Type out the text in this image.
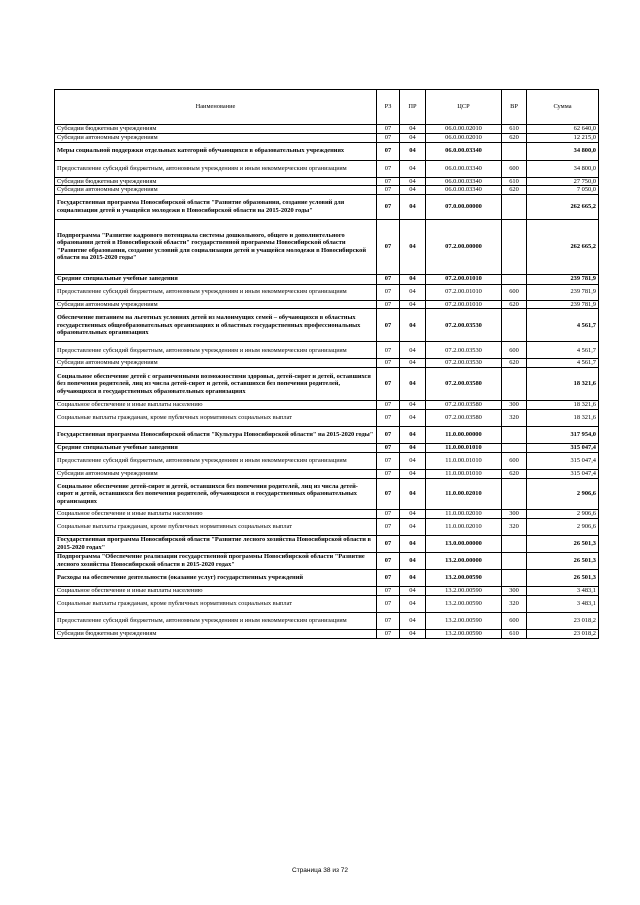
Наименование	РЗ	ПР	ЦСР	ВР	Сумма
Субсидии бюджетным учреждениям	07	04	06.0.00.02010	610	62 640,0
Субсидии автономным учреждениям	07	04	06.0.00.02010	620	12 215,0
Меры социальной поддержки отдельных категорий обучающихся в образовательных учреждениях	07	04	06.0.00.03340		34 800,0
Предоставление субсидий бюджетным, автономным учреждениям и иным некоммерческим организациям	07	04	06.0.00.03340	600	34 800,0
Субсидии бюджетным учреждениям	07	04	06.0.00.03340	610	27 750,0
Субсидии автономным учреждениям	07	04	06.0.00.03340	620	7 050,0
Государственная программа Новосибирской области "Развитие образования, создание условий для социализации детей и учащейся молодежи в Новосибирской области на 2015-2020 годы"	07	04	07.0.00.00000		262 665,2
Подпрограмма "Развитие кадрового потенциала системы дошкольного, общего и дополнительного образования детей в Новосибирской области" государственной программы Новосибирской области "Развитие образования, создание условий для социализации детей и учащейся молодежи в Новосибирской области на 2015-2020 годы"	07	04	07.2.00.00000		262 665,2
Средние специальные учебные заведения	07	04	07.2.00.01010		239 781,9
Предоставление субсидий бюджетным, автономным учреждениям и иным некоммерческим организациям	07	04	07.2.00.01010	600	239 781,9
Субсидии автономным учреждениям	07	04	07.2.00.01010	620	239 781,9
Обеспечение питанием на льготных условиях детей из малоимущих семей – обучающихся в областных государственных общеобразовательных организациях и областных государственных профессиональных образовательных организациях	07	04	07.2.00.03530		4 561,7
Предоставление субсидий бюджетным, автономным учреждениям и иным некоммерческим организациям	07	04	07.2.00.03530	600	4 561,7
Субсидии автономным учреждениям	07	04	07.2.00.03530	620	4 561,7
Социальное обеспечение детей с ограниченными возможностями здоровья, детей-сирот и детей, оставшихся без попечения родителей, лиц из числа детей-сирот и детей, оставшихся без попечения родителей, обучающихся в государственных образовательных организациях	07	04	07.2.00.03580		18 321,6
Социальное обеспечение и иные выплаты населению	07	04	07.2.00.03580	300	18 321,6
Социальные выплаты гражданам, кроме публичных нормативных социальных выплат	07	04	07.2.00.03580	320	18 321,6
Государственная программа Новосибирской области "Культура Новосибирской области" на 2015-2020 годы"	07	04	11.0.00.00000		317 954,0
Средние специальные учебные заведения	07	04	11.0.00.01010		315 047,4
Предоставление субсидий бюджетным, автономным учреждениям и иным некоммерческим организациям	07	04	11.0.00.01010	600	315 047,4
Субсидии автономным учреждениям	07	04	11.0.00.01010	620	315 047,4
Социальное обеспечение детей-сирот и детей, оставшихся без попечения родителей, лиц из числа детей-сирот и детей, оставшихся без попечения родителей, обучающихся в государственных образовательных организациях	07	04	11.0.00.02010		2 906,6
Социальное обеспечение и иные выплаты населению	07	04	11.0.00.02010	300	2 906,6
Социальные выплаты гражданам, кроме публичных нормативных социальных выплат	07	04	11.0.00.02010	320	2 906,6
Государственная программа Новосибирской области "Развитие лесного хозяйства Новосибирской области в 2015-2020 годах"	07	04	13.0.00.00000		26 501,3
Подпрограмма "Обеспечение реализации государственной программы Новосибирской области "Развитие лесного хозяйства Новосибирской области в 2015-2020 годах"	07	04	13.2.00.00000		26 501,3
Расходы на обеспечение деятельности (оказание услуг) государственных учреждений	07	04	13.2.00.00590		26 501,3
Социальное обеспечение и иные выплаты населению	07	04	13.2.00.00590	300	3 483,1
Социальные выплаты гражданам, кроме публичных нормативных социальных выплат	07	04	13.2.00.00590	320	3 483,1
Предоставление субсидий бюджетным, автономным учреждениям и иным некоммерческим организациям	07	04	13.2.00.00590	600	23 018,2
Субсидии бюджетным учреждениям	07	04	13.2.00.00590	610	23 018,2
Страница 38 из 72
